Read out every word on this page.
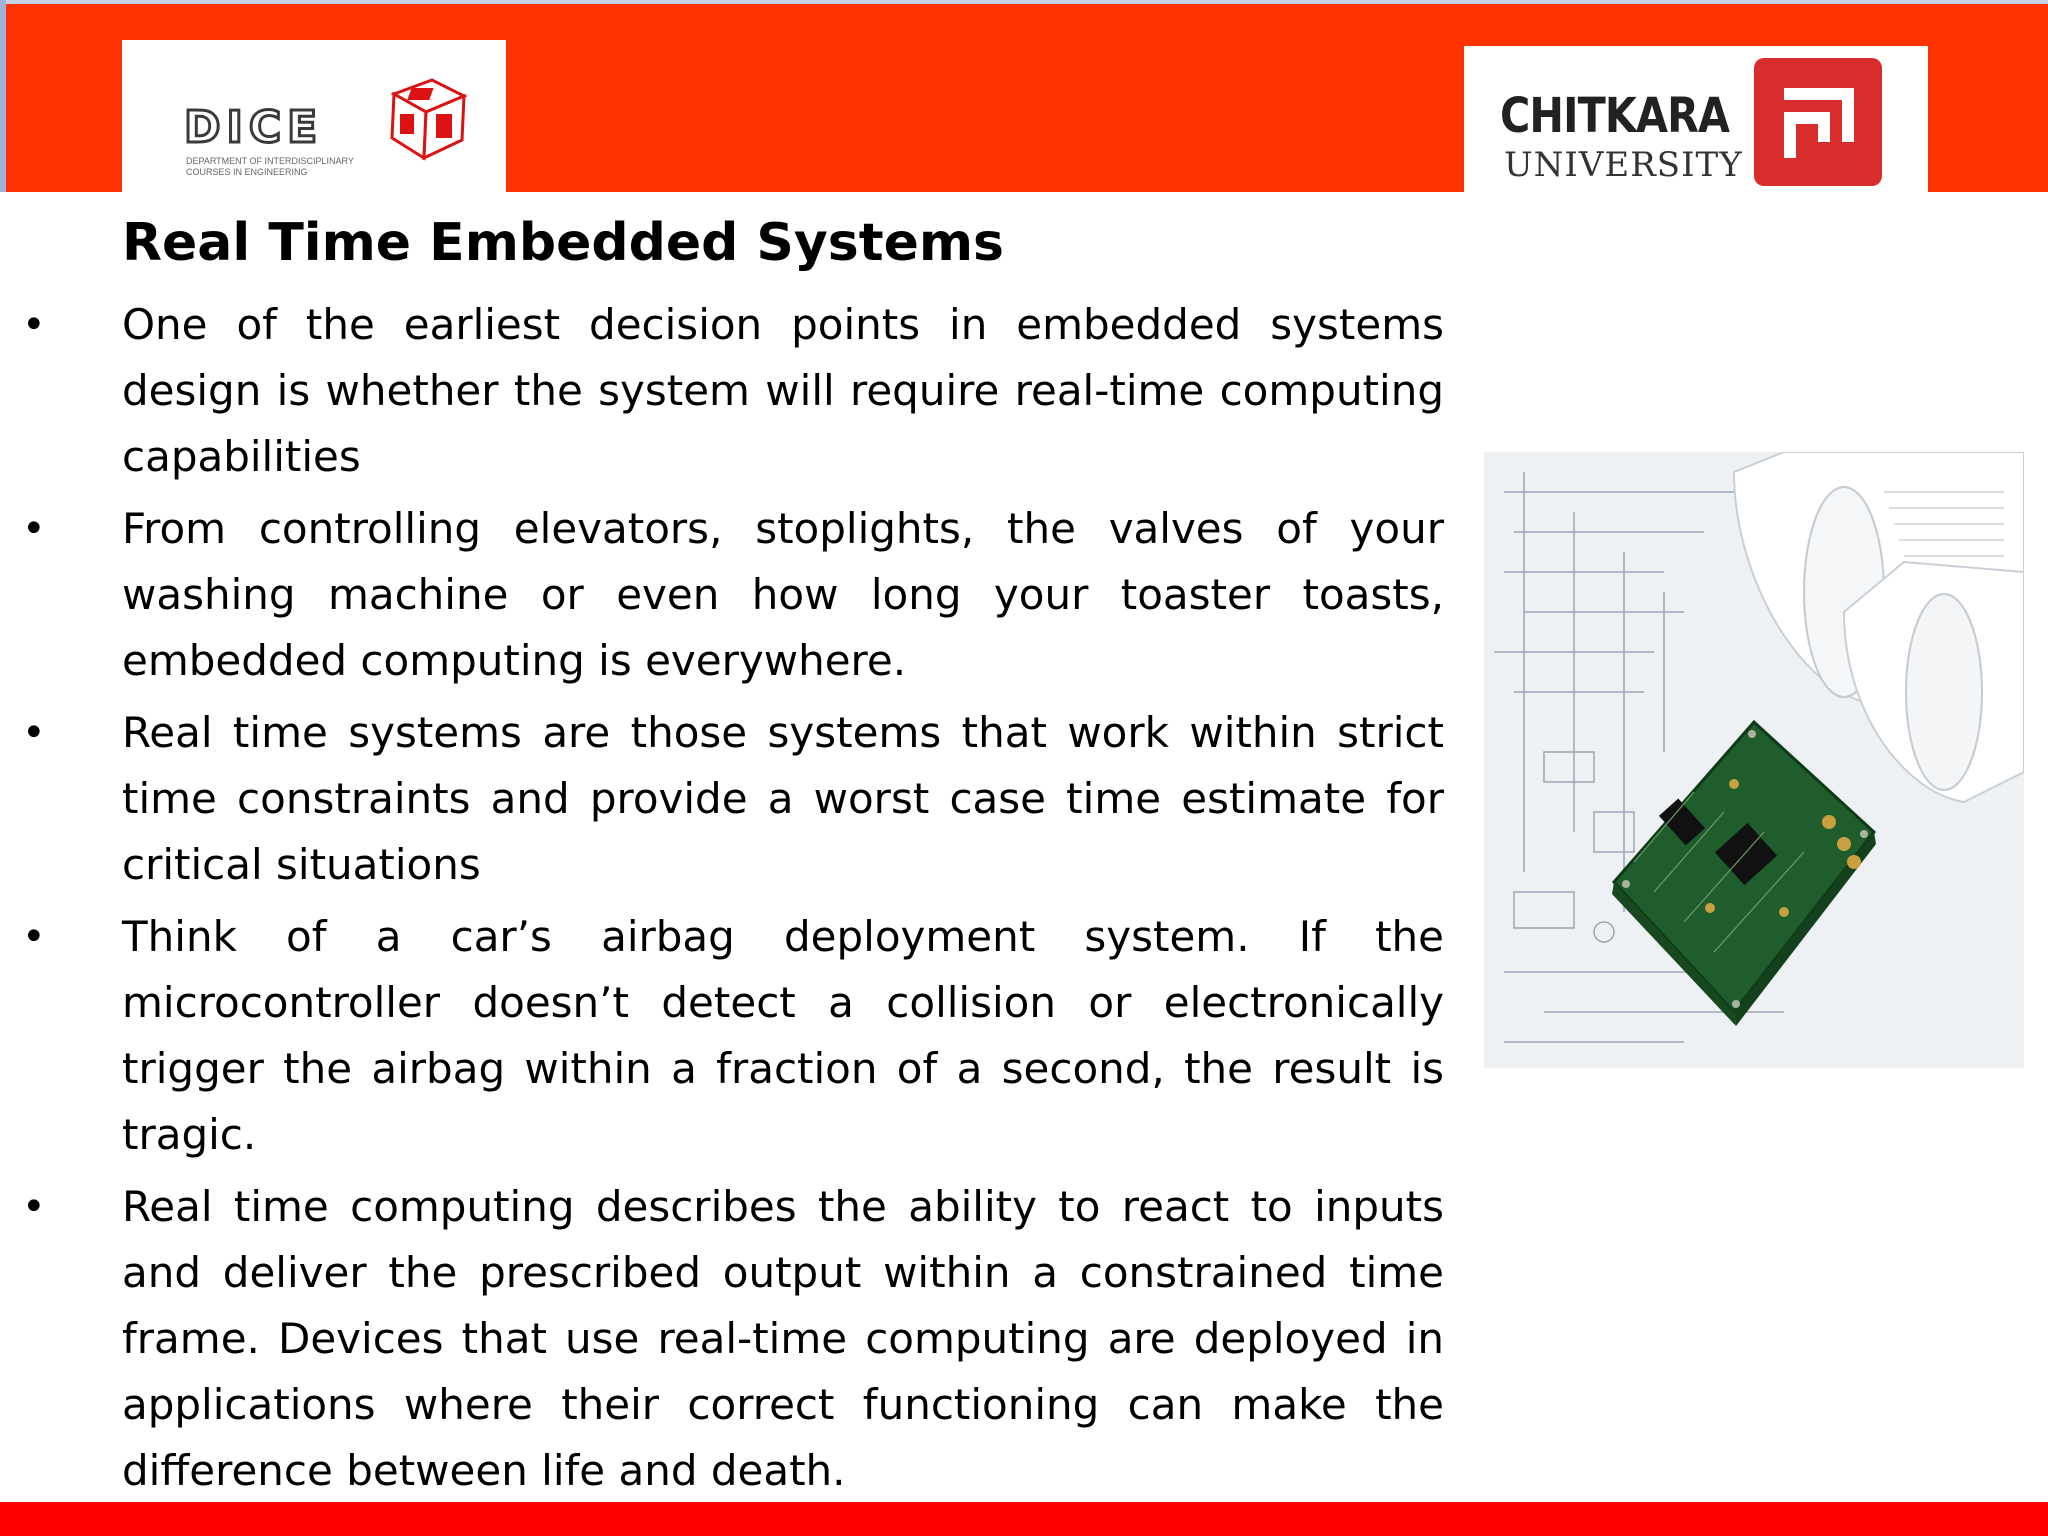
DICE
DEPARTMENT OF INTERDISCIPLINARY COURSES IN ENGINEERING
CHITKARA
UNIVERSITY
Real Time Embedded Systems
• One of the earliest decision points in embedded systems design is whether the system will require real-time computing capabilities
• From controlling elevators, stoplights, the valves of your washing machine or even how long your toaster toasts, embedded computing is everywhere.
• Real time systems are those systems that work within strict time constraints and provide a worst case time estimate for critical situations
• Think of a car’s airbag deployment system. If the microcontroller doesn’t detect a collision or electronically trigger the airbag within a fraction of a second, the result is tragic.
• Real time computing describes the ability to react to inputs and deliver the prescribed output within a constrained time frame. Devices that use real-time computing are deployed in applications where their correct functioning can make the difference between life and death.
